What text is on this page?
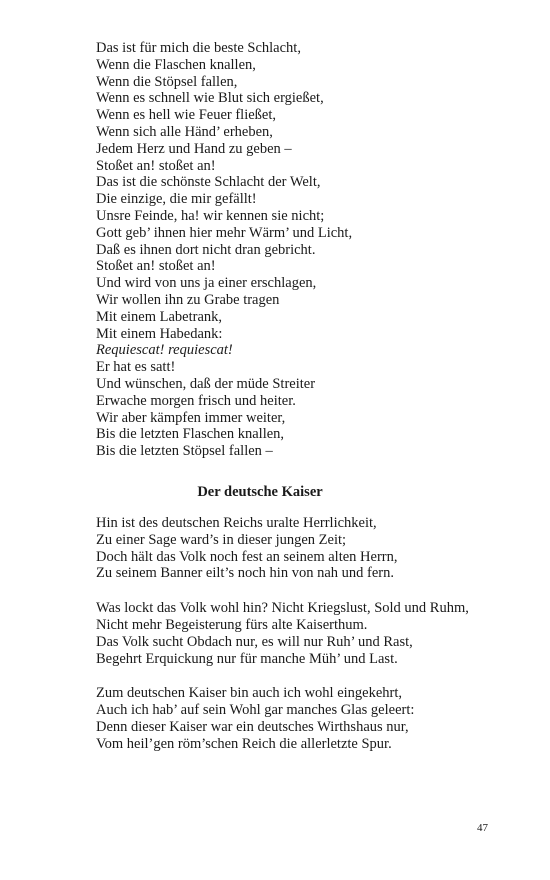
Das ist für mich die beste Schlacht,
Wenn die Flaschen knallen,
Wenn die Stöpsel fallen,
Wenn es schnell wie Blut sich ergießet,
Wenn es hell wie Feuer fließet,
Wenn sich alle Händ’ erheben,
Jedem Herz und Hand zu geben –
Stoßet an! stoßet an!
Das ist die schönste Schlacht der Welt,
Die einzige, die mir gefällt!
Unsre Feinde, ha! wir kennen sie nicht;
Gott geb’ ihnen hier mehr Wärm’ und Licht,
Daß es ihnen dort nicht dran gebricht.
Stoßet an! stoßet an!
Und wird von uns ja einer erschlagen,
Wir wollen ihn zu Grabe tragen
Mit einem Labetrank,
Mit einem Habedank:
Requiescat! requiescat!
Er hat es satt!
Und wünschen, daß der müde Streiter
Erwache morgen frisch und heiter.
Wir aber kämpfen immer weiter,
Bis die letzten Flaschen knallen,
Bis die letzten Stöpsel fallen –
Der deutsche Kaiser
Hin ist des deutschen Reichs uralte Herrlichkeit,
Zu einer Sage ward’s in dieser jungen Zeit;
Doch hält das Volk noch fest an seinem alten Herrn,
Zu seinem Banner eilt’s noch hin von nah und fern.
Was lockt das Volk wohl hin? Nicht Kriegslust, Sold und Ruhm,
Nicht mehr Begeisterung fürs alte Kaiserthum.
Das Volk sucht Obdach nur, es will nur Ruh’ und Rast,
Begehrt Erquickung nur für manche Müh’ und Last.
Zum deutschen Kaiser bin auch ich wohl eingekehrt,
Auch ich hab’ auf sein Wohl gar manches Glas geleert:
Denn dieser Kaiser war ein deutsches Wirthshaus nur,
Vom heil’gen röm’schen Reich die allerletzte Spur.
47
